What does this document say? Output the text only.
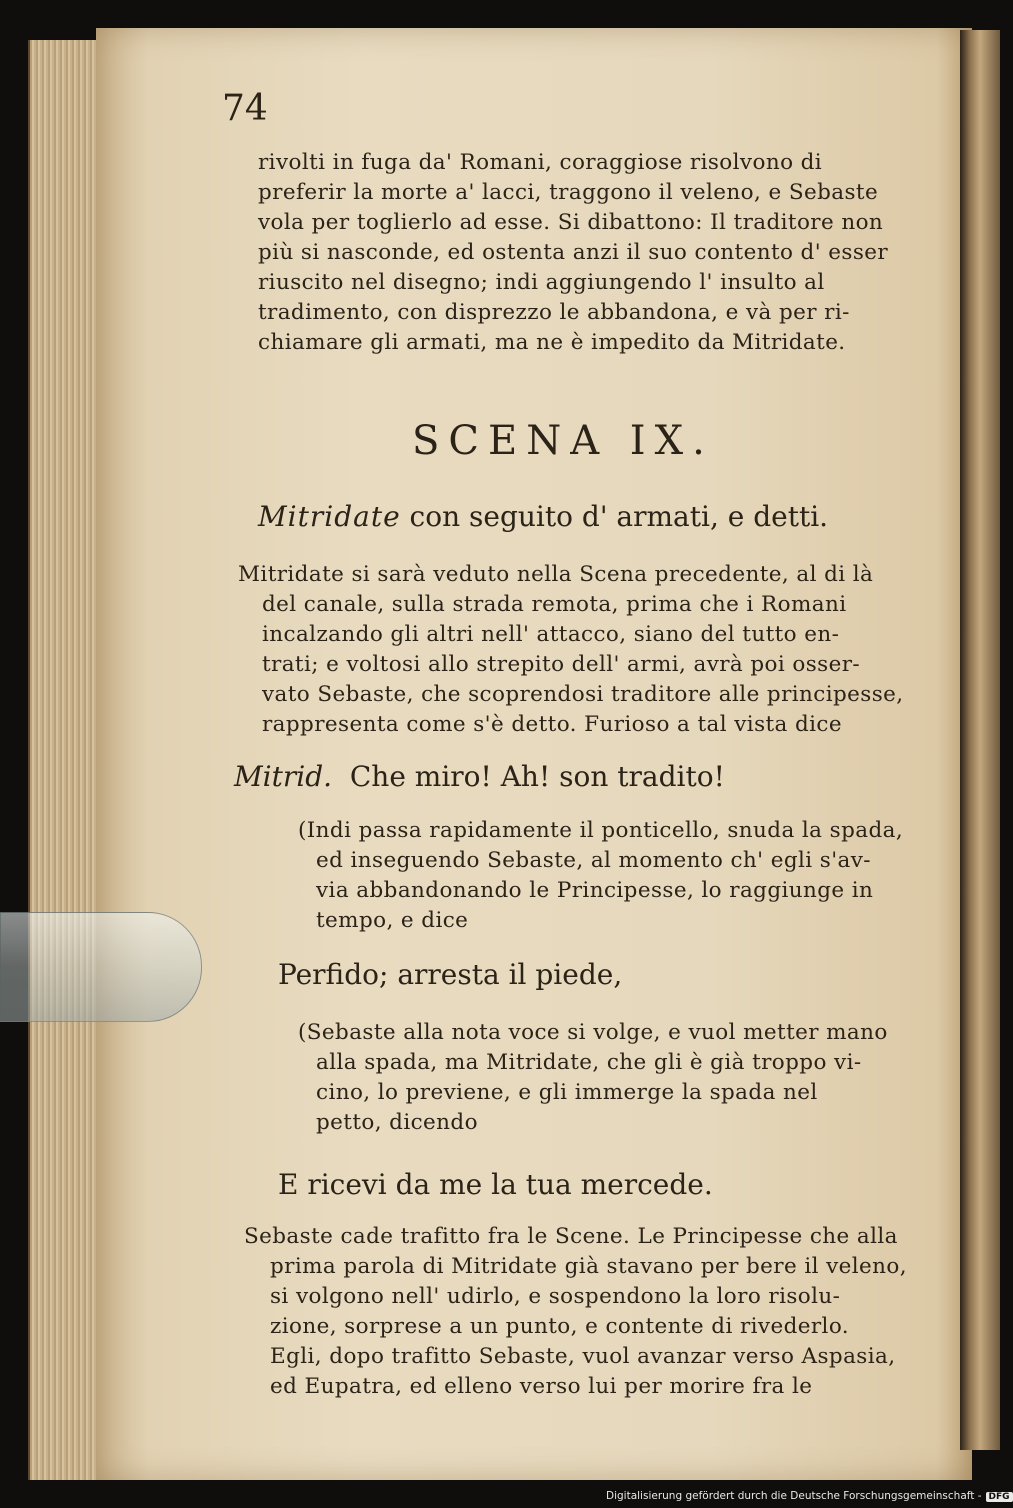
74
rivolti in fuga da' Romani, coraggiose risolvono di
preferir la morte a' lacci, traggono il veleno, e Sebaste
vola per toglierlo ad esse. Si dibattono: Il traditore non
più si nasconde, ed ostenta anzi il suo contento d' esser
riuscito nel disegno; indi aggiungendo l' insulto al
tradimento, con disprezzo le abbandona, e và per ri-
chiamare gli armati, ma ne è impedito da Mitridate.
SCENA IX.
Mitridate con seguito d' armati, e detti.
Mitridate si sarà veduto nella Scena precedente, al di là
del canale, sulla strada remota, prima che i Romani
incalzando gli altri nell' attacco, siano del tutto en-
trati; e voltosi allo strepito dell' armi, avrà poi osser-
vato Sebaste, che scoprendosi traditore alle principesse,
rappresenta come s'è detto. Furioso a tal vista dice
Mitrid. Che miro! Ah! son tradito!
(Indi passa rapidamente il ponticello, snuda la spada,
ed inseguendo Sebaste, al momento ch' egli s'av-
via abbandonando le Principesse, lo raggiunge in
tempo, e dice
Perfido; arresta il piede,
(Sebaste alla nota voce si volge, e vuol metter mano
alla spada, ma Mitridate, che gli è già troppo vi-
cino, lo previene, e gli immerge la spada nel
petto, dicendo
E ricevi da me la tua mercede.
Sebaste cade trafitto fra le Scene. Le Principesse che alla
prima parola di Mitridate già stavano per bere il veleno,
si volgono nell' udirlo, e sospendono la loro risolu-
zione, sorprese a un punto, e contente di rivederlo.
Egli, dopo trafitto Sebaste, vuol avanzar verso Aspasia,
ed Eupatra, ed elleno verso lui per morire fra le
Digitalisierung gefördert durch die Deutsche Forschungsgemeinschaft - DFG
